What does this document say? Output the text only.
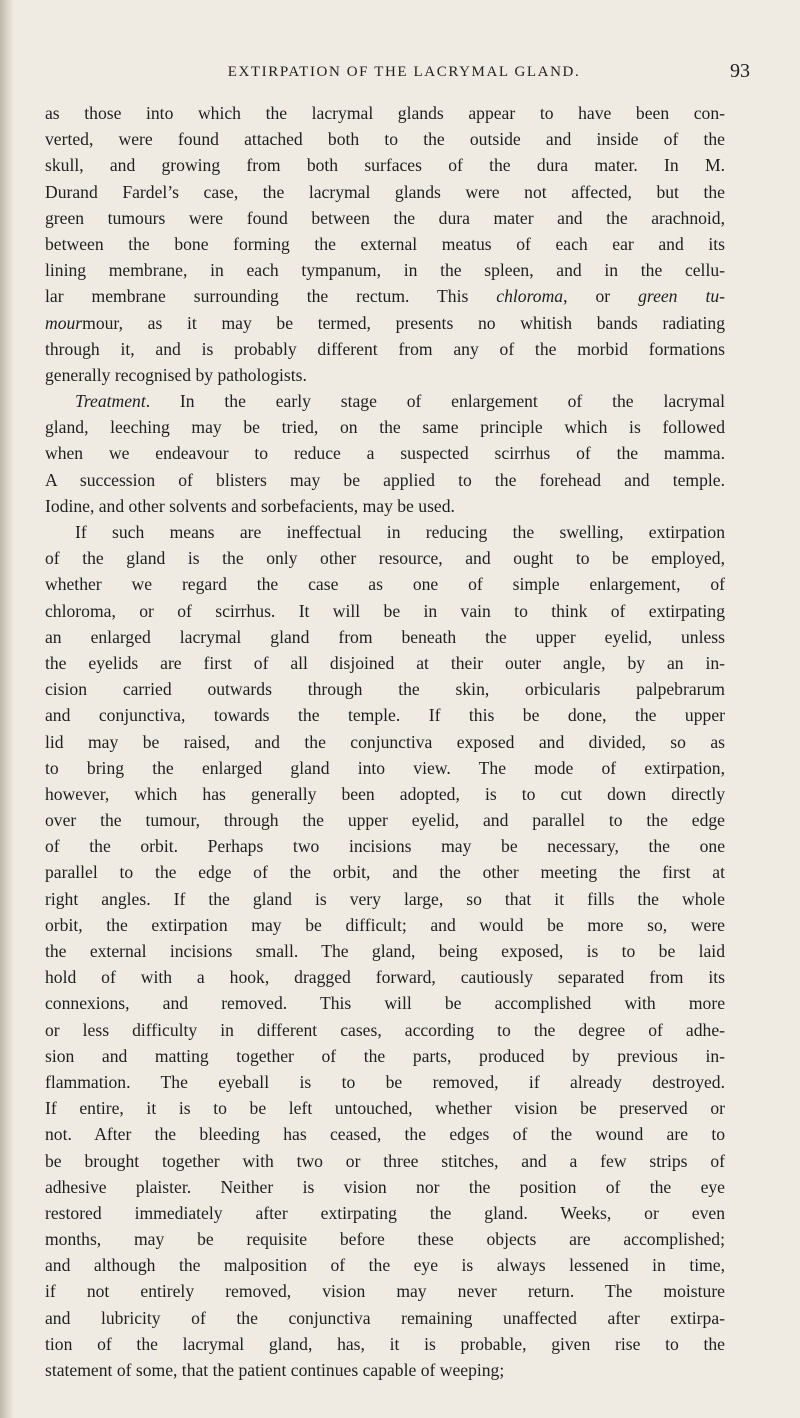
EXTIRPATION OF THE LACRYMAL GLAND.	93
as those into which the lacrymal glands appear to have been con-
verted, were found attached both to the outside and inside of the
skull, and growing from both surfaces of the dura mater. In M.
Durand Fardel’s case, the lacrymal glands were not affected, but the
green tumours were found between the dura mater and the arachnoid,
between the bone forming the external meatus of each ear and its
lining membrane, in each tympanum, in the spleen, and in the cellu-
lar membrane surrounding the rectum. This chloroma, or green tu-
mourmour, as it may be termed, presents no whitish bands radiating
through it, and is probably different from any of the morbid formations
generally recognised by pathologists.
Treatment. In the early stage of enlargement of the lacrymal
gland, leeching may be tried, on the same principle which is followed
when we endeavour to reduce a suspected scirrhus of the mamma.
A succession of blisters may be applied to the forehead and temple.
Iodine, and other solvents and sorbefacients, may be used.
If such means are ineffectual in reducing the swelling, extirpation
of the gland is the only other resource, and ought to be employed,
whether we regard the case as one of simple enlargement, of
chloroma, or of scirrhus. It will be in vain to think of extirpating
an enlarged lacrymal gland from beneath the upper eyelid, unless
the eyelids are first of all disjoined at their outer angle, by an in-
cision carried outwards through the skin, orbicularis palpebrarum
and conjunctiva, towards the temple. If this be done, the upper
lid may be raised, and the conjunctiva exposed and divided, so as
to bring the enlarged gland into view. The mode of extirpation,
however, which has generally been adopted, is to cut down directly
over the tumour, through the upper eyelid, and parallel to the edge
of the orbit. Perhaps two incisions may be necessary, the one
parallel to the edge of the orbit, and the other meeting the first at
right angles. If the gland is very large, so that it fills the whole
orbit, the extirpation may be difficult; and would be more so, were
the external incisions small. The gland, being exposed, is to be laid
hold of with a hook, dragged forward, cautiously separated from its
connexions, and removed. This will be accomplished with more
or less difficulty in different cases, according to the degree of adhe-
sion and matting together of the parts, produced by previous in-
flammation. The eyeball is to be removed, if already destroyed.
If entire, it is to be left untouched, whether vision be preserved or
not. After the bleeding has ceased, the edges of the wound are to
be brought together with two or three stitches, and a few strips of
adhesive plaister. Neither is vision nor the position of the eye
restored immediately after extirpating the gland. Weeks, or even
months, may be requisite before these objects are accomplished;
and although the malposition of the eye is always lessened in time,
if not entirely removed, vision may never return. The moisture
and lubricity of the conjunctiva remaining unaffected after extirpa-
tion of the lacrymal gland, has, it is probable, given rise to the
statement of some, that the patient continues capable of weeping;
